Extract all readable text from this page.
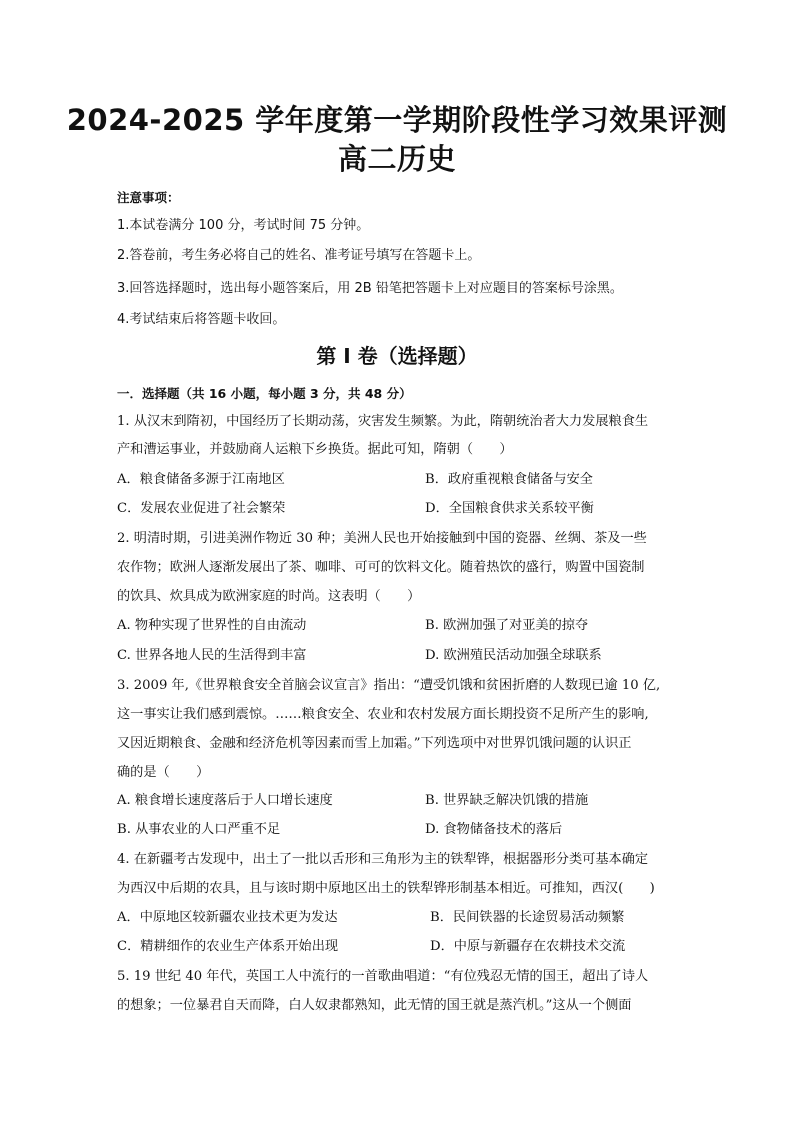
2024-2025 学年度第一学期阶段性学习效果评测
高二历史
注意事项：
1.本试卷满分 100 分，考试时间 75 分钟。
2.答卷前，考生务必将自己的姓名、准考证号填写在答题卡上。
3.回答选择题时，选出每小题答案后，用 2B 铅笔把答题卡上对应题目的答案标号涂黑。
4.考试结束后将答题卡收回。
第 I 卷（选择题）
一．选择题（共 16 小题，每小题 3 分，共 48 分）
1. 从汉末到隋初，中国经历了长期动荡，灾害发生频繁。为此，隋朝统治者大力发展粮食生
产和漕运事业，并鼓励商人运粮下乡换货。据此可知，隋朝（　　）
A．粮食储备多源于江南地区	B．政府重视粮食储备与安全
C．发展农业促进了社会繁荣	D．全国粮食供求关系较平衡
2. 明清时期，引进美洲作物近 30 种；美洲人民也开始接触到中国的瓷器、丝绸、茶及一些
农作物；欧洲人逐渐发展出了茶、咖啡、可可的饮料文化。随着热饮的盛行，购置中国瓷制
的饮具、炊具成为欧洲家庭的时尚。这表明（　　）
A. 物种实现了世界性的自由流动	B. 欧洲加强了对亚美的掠夺
C. 世界各地人民的生活得到丰富	D. 欧洲殖民活动加强全球联系
3. 2009 年,《世界粮食安全首脑会议宣言》指出：“遭受饥饿和贫困折磨的人数现已逾 10 亿,
这一事实让我们感到震惊。……粮食安全、农业和农村发展方面长期投资不足所产生的影响,
又因近期粮食、金融和经济危机等因素而雪上加霜。”下列选项中对世界饥饿问题的认识正
确的是（　　）
A. 粮食增长速度落后于人口增长速度	B. 世界缺乏解决饥饿的措施
B. 从事农业的人口严重不足	D. 食物储备技术的落后
4. 在新疆考古发现中，出土了一批以舌形和三角形为主的铁犁铧，根据器形分类可基本确定
为西汉中后期的农具，且与该时期中原地区出土的铁犁铧形制基本相近。可推知，西汉(　　)
A．中原地区较新疆农业技术更为发达	B．民间铁器的长途贸易活动频繁
C．精耕细作的农业生产体系开始出现	D．中原与新疆存在农耕技术交流
5. 19 世纪 40 年代，英国工人中流行的一首歌曲唱道：“有位残忍无情的国王，超出了诗人
的想象；一位暴君自天而降，白人奴隶都熟知，此无情的国王就是蒸汽机。”这从一个侧面
